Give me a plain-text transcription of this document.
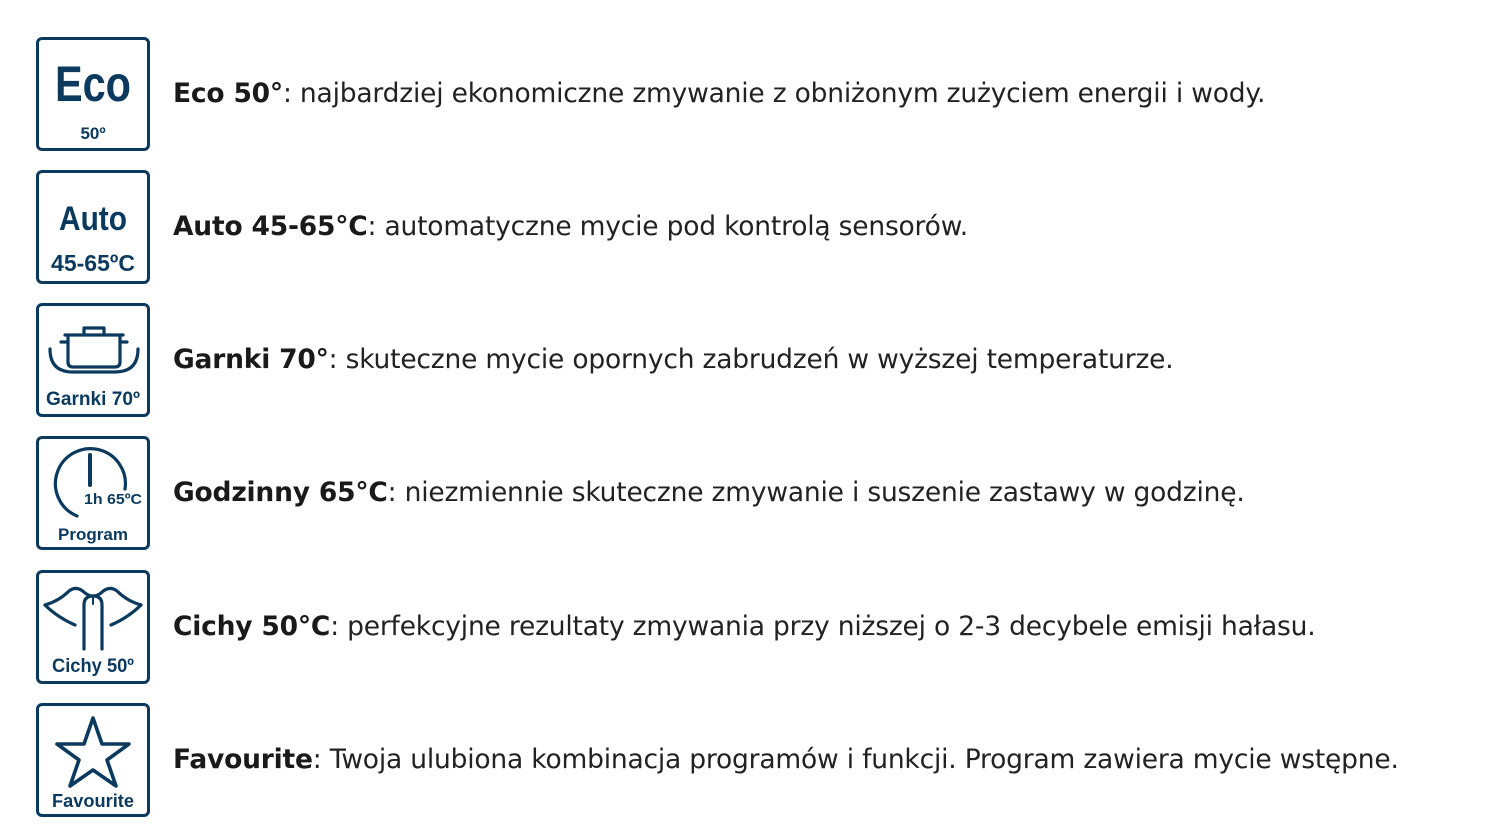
Eco
50º
Eco 50°: najbardziej ekonomiczne zmywanie z obniżonym zużyciem energii i wody.
Auto
45-65ºC
Auto 45-65°C: automatyczne mycie pod kontrolą sensorów.
Garnki 70º
Garnki 70°: skuteczne mycie opornych zabrudzeń w wyższej temperaturze.
1h 65ºC
Program
Godzinny 65°C: niezmiennie skuteczne zmywanie i suszenie zastawy w godzinę.
Cichy 50º
Cichy 50°C: perfekcyjne rezultaty zmywania przy niższej o 2-3 decybele emisji hałasu.
Favourite
Favourite: Twoja ulubiona kombinacja programów i funkcji. Program zawiera mycie wstępne.
